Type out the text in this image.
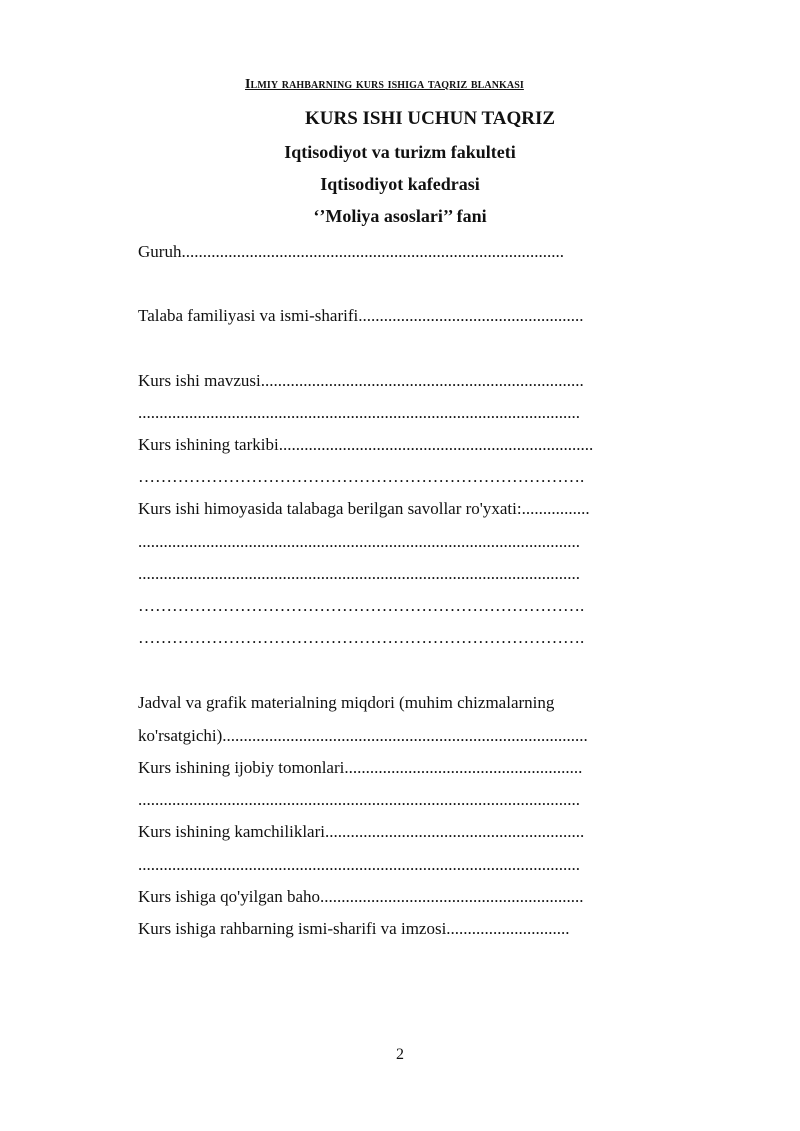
Ilmiy rahbarning kurs ishiga taqriz blankasi
KURS ISHI UCHUN TAQRIZ
Iqtisodiyot va turizm fakulteti
Iqtisodiyot kafedrasi
‘’Moliya asoslari’’ fani
Guruh..........................................................................................
Talaba familiyasi va ismi-sharifi.....................................................
Kurs ishi mavzusi............................................................................
........................................................................................................
Kurs ishining tarkibi..........................................................................
…………………………………………………………………….
Kurs ishi himoyasida talabaga berilgan savollar ro'yxati:................
........................................................................................................
........................................................................................................
…………………………………………………………………….
…………………………………………………………………….
Jadval va grafik materialning miqdori (muhim chizmalarning
ko'rsatgichi)......................................................................................
Kurs ishining ijobiy tomonlari........................................................
........................................................................................................
Kurs ishining kamchiliklari.............................................................
........................................................................................................
Kurs ishiga qo'yilgan baho..............................................................
Kurs ishiga rahbarning ismi-sharifi va imzosi.............................
2
